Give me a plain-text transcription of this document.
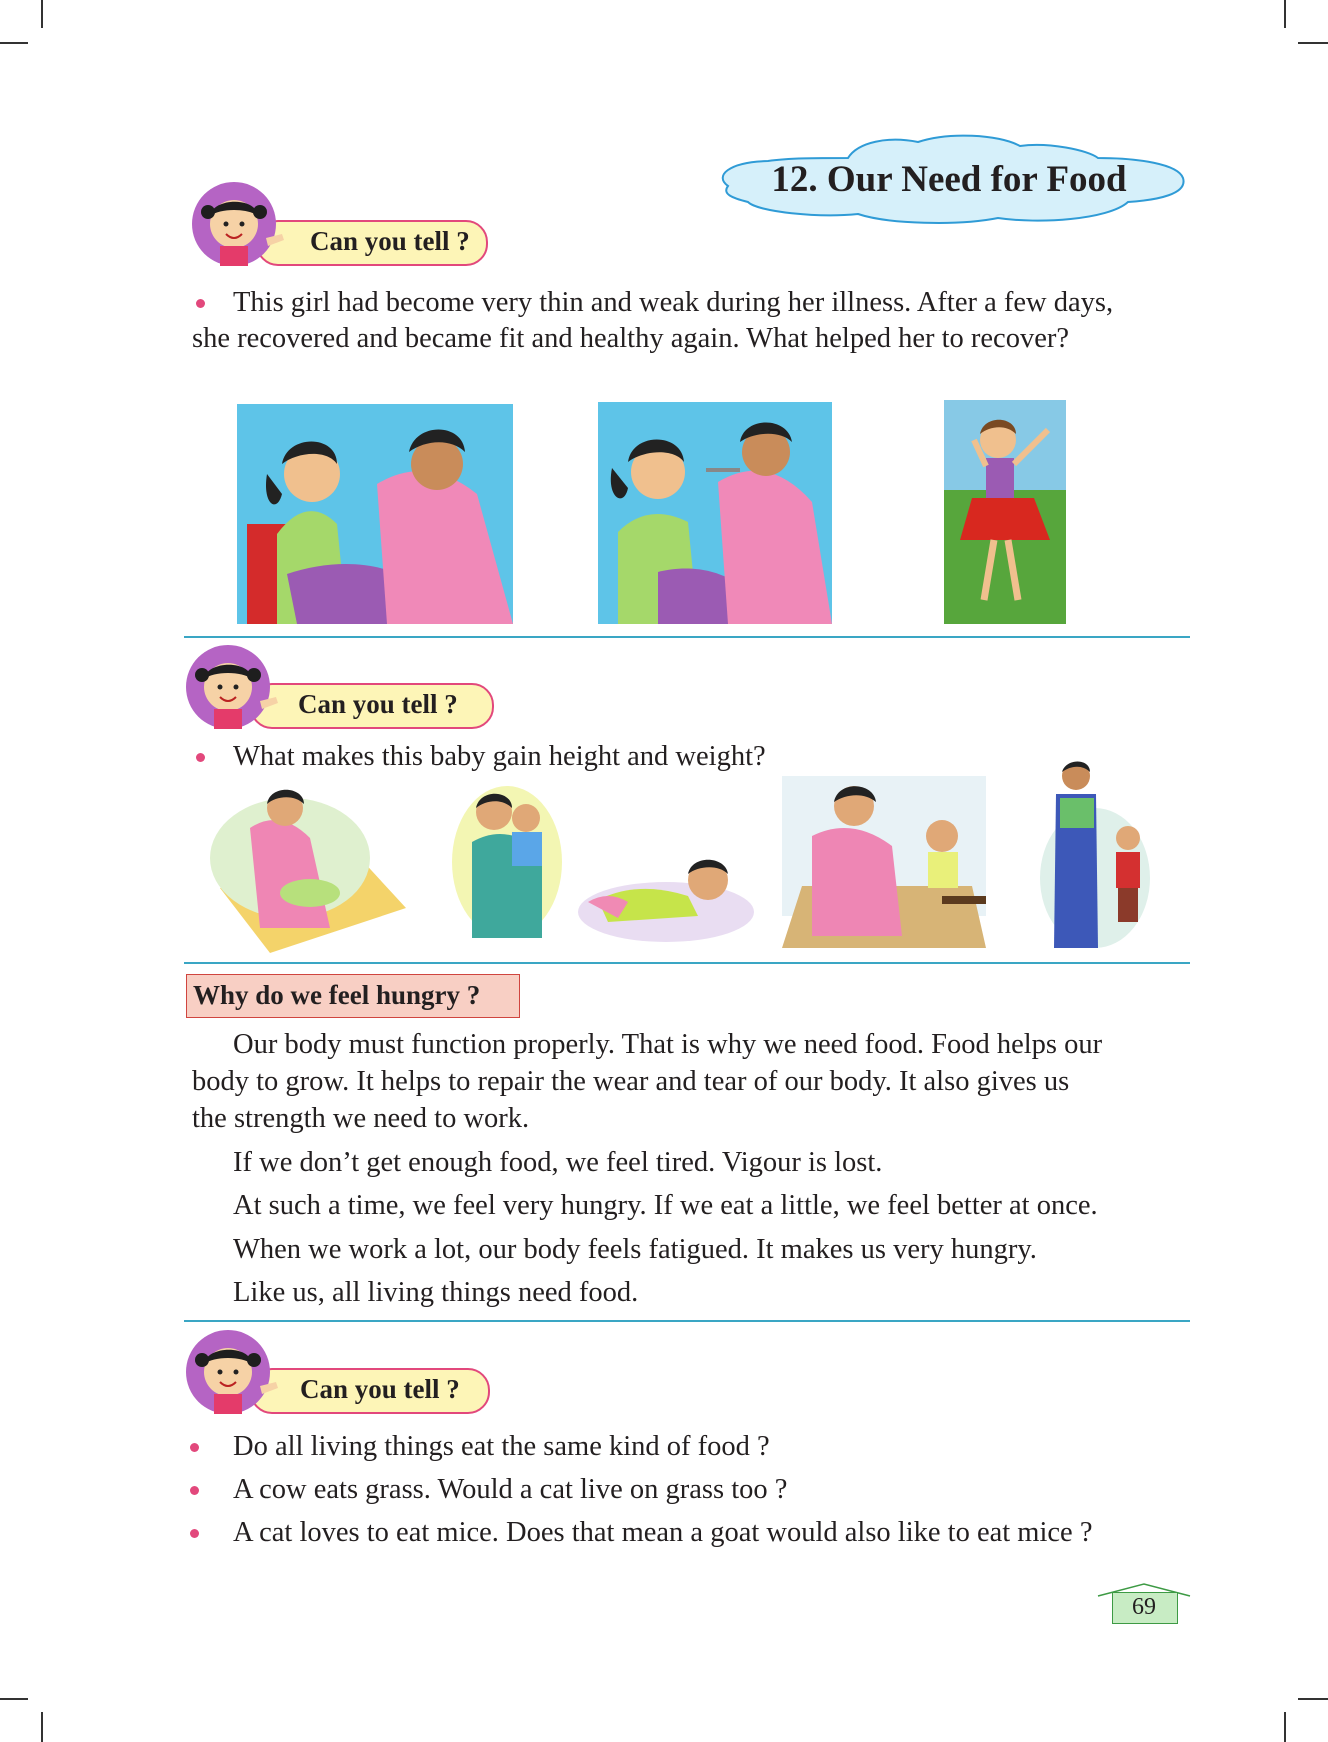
12. Our Need for Food
Can you tell ?
This girl had become very thin and weak during her illness. After a few days,
she recovered and became fit and healthy again. What helped her to recover?
Can you tell ?
What makes this baby gain height and weight?
Why do we feel hungry ?
Our body must function properly. That is why we need food. Food helps our
body to grow. It helps to repair the wear and tear of our body. It also gives us
the strength we need to work.
If we don’t get enough food, we feel tired. Vigour is lost.
At such a time, we feel very hungry. If we eat a little, we feel better at once.
When we work a lot, our body feels fatigued. It makes us very hungry.
Like us, all living things need food.
Can you tell ?
Do all living things eat the same kind of food ?
A cow eats grass. Would a cat live on grass too ?
A cat loves to eat mice. Does that mean a goat would also like to eat mice ?
69
